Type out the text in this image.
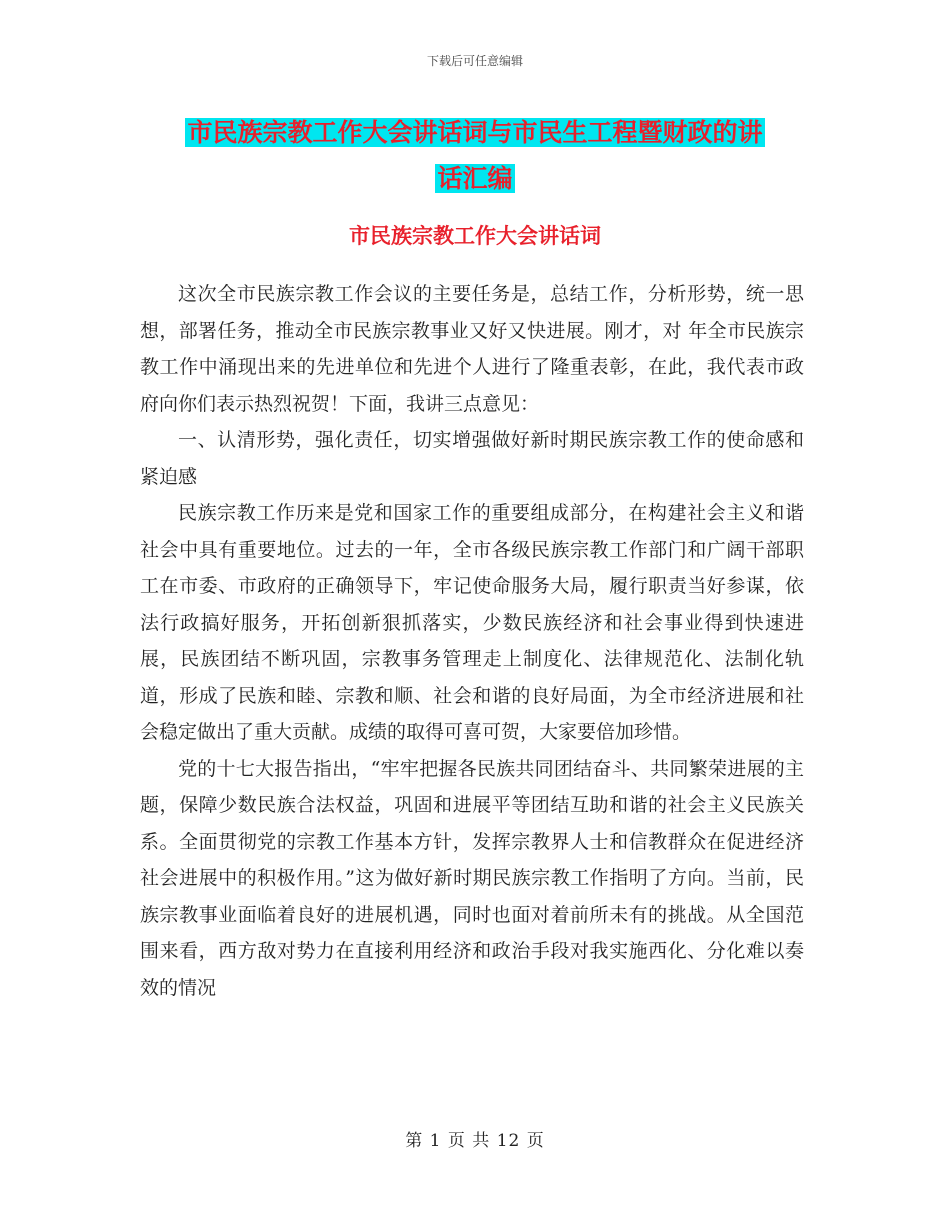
下载后可任意编辑
市民族宗教工作大会讲话词与市民生工程暨财政的讲
话汇编
市民族宗教工作大会讲话词

这次全市民族宗教工作会议的主要任务是，总结工作，分析形势，统一思想，部署任务，推动全市民族宗教事业又好又快进展。刚才，对 年全市民族宗教工作中涌现出来的先进单位和先进个人进行了隆重表彰，在此，我代表市政府向你们表示热烈祝贺！下面，我讲三点意见：

一、认清形势，强化责任，切实增强做好新时期民族宗教工作的使命感和紧迫感

民族宗教工作历来是党和国家工作的重要组成部分，在构建社会主义和谐社会中具有重要地位。过去的一年，全市各级民族宗教工作部门和广阔干部职工在市委、市政府的正确领导下，牢记使命服务大局，履行职责当好参谋，依法行政搞好服务，开拓创新狠抓落实，少数民族经济和社会事业得到快速进展，民族团结不断巩固，宗教事务管理走上制度化、法律规范化、法制化轨道，形成了民族和睦、宗教和顺、社会和谐的良好局面，为全市经济进展和社会稳定做出了重大贡献。成绩的取得可喜可贺，大家要倍加珍惜。

党的十七大报告指出，“牢牢把握各民族共同团结奋斗、共同繁荣进展的主题，保障少数民族合法权益，巩固和进展平等团结互助和谐的社会主义民族关系。全面贯彻党的宗教工作基本方针，发挥宗教界人士和信教群众在促进经济社会进展中的积极作用。”这为做好新时期民族宗教工作指明了方向。当前，民族宗教事业面临着良好的进展机遇，同时也面对着前所未有的挑战。从全国范围来看，西方敌对势力在直接利用经济和政治手段对我实施西化、分化难以奏效的情况

第 1 页 共 12 页
